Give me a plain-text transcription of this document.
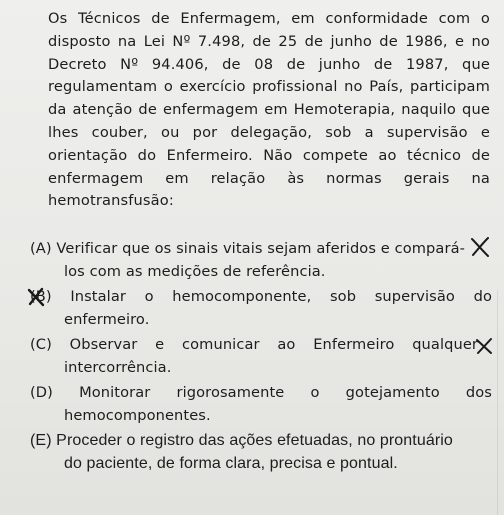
Os Técnicos de Enfermagem, em conformidade com o
disposto na Lei Nº 7.498, de 25 de junho de 1986, e no
Decreto Nº 94.406, de 08 de junho de 1987, que
regulamentam o exercício profissional no País, participam
da atenção de enfermagem em Hemoterapia, naquilo que
lhes couber, ou por delegação, sob a supervisão e
orientação do Enfermeiro. Não compete ao técnico de
enfermagem em relação às normas gerais na
hemotransfusão:
(A) Verificar que os sinais vitais sejam aferidos e compará-
los com as medições de referência.
(B)
Instalar o hemocomponente, sob supervisão do
enfermeiro.
(C) Observar e comunicar ao Enfermeiro qualquer
intercorrência.
(D) Monitorar rigorosamente o gotejamento dos
hemocomponentes.
(E) Proceder o registro das ações efetuadas, no prontuário
do paciente, de forma clara, precisa e pontual.
